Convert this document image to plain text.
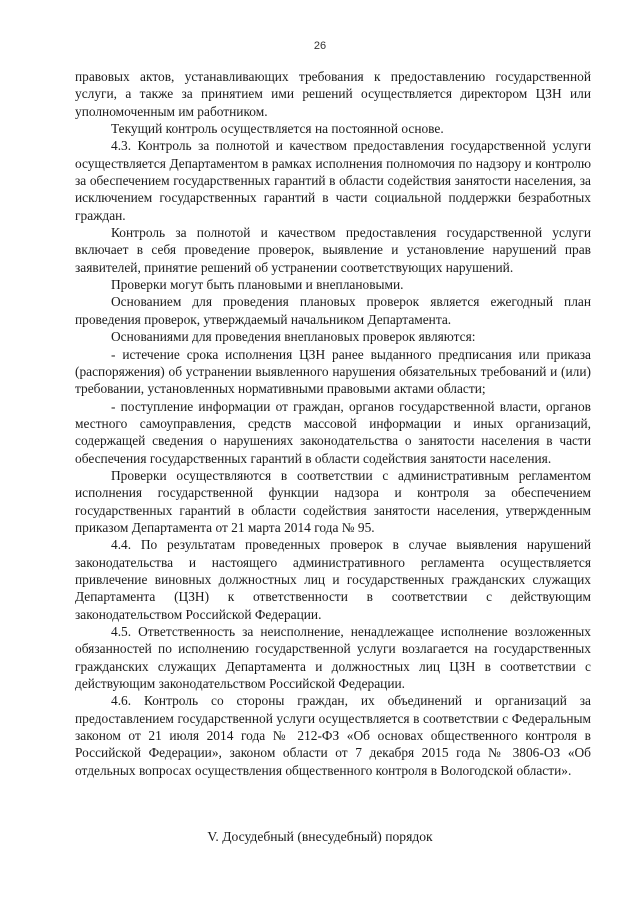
26

правовых актов, устанавливающих требования к предоставлению государственной услуги, а также за принятием ими решений осуществляется директором ЦЗН или уполномоченным им работником.

Текущий контроль осуществляется на постоянной основе.

4.3. Контроль за полнотой и качеством предоставления государственной услуги осуществляется Департаментом в рамках исполнения полномочия по надзору и контролю за обеспечением государственных гарантий в области содействия занятости населения, за исключением государственных гарантий в части социальной поддержки безработных граждан.

Контроль за полнотой и качеством предоставления государственной услуги включает в себя проведение проверок, выявление и установление нарушений прав заявителей, принятие решений об устранении соответствующих нарушений.

Проверки могут быть плановыми и внеплановыми.

Основанием для проведения плановых проверок является ежегодный план проведения проверок, утверждаемый начальником Департамента.

Основаниями для проведения внеплановых проверок являются:

- истечение срока исполнения ЦЗН ранее выданного предписания или приказа (распоряжения) об устранении выявленного нарушения обязательных требований и (или) требовании, установленных нормативными правовыми актами области;

- поступление информации от граждан, органов государственной власти, органов местного самоуправления, средств массовой информации и иных организаций, содержащей сведения о нарушениях законодательства о занятости населения в части обеспечения государственных гарантий в области содействия занятости населения.

Проверки осуществляются в соответствии с административным регламентом исполнения государственной функции надзора и контроля за обеспечением государственных гарантий в области содействия занятости населения, утвержденным приказом Департамента от 21 марта 2014 года № 95.

4.4. По результатам проведенных проверок в случае выявления нарушений законодательства и настоящего административного регламента осуществляется привлечение виновных должностных лиц и государственных гражданских служащих Департамента (ЦЗН) к ответственности в соответствии с действующим законодательством Российской Федерации.

4.5. Ответственность за неисполнение, ненадлежащее исполнение возложенных обязанностей по исполнению государственной услуги возлагается на государственных гражданских служащих Департамента и должностных лиц ЦЗН в соответствии с действующим законодательством Российской Федерации.

4.6. Контроль со стороны граждан, их объединений и организаций за предоставлением государственной услуги осуществляется в соответствии с Федеральным законом от 21 июля 2014 года № 212-ФЗ «Об основах общественного контроля в Российской Федерации», законом области от 7 декабря 2015 года № 3806-ОЗ «Об отдельных вопросах осуществления общественного контроля в Вологодской области».

V. Досудебный (внесудебный) порядок
